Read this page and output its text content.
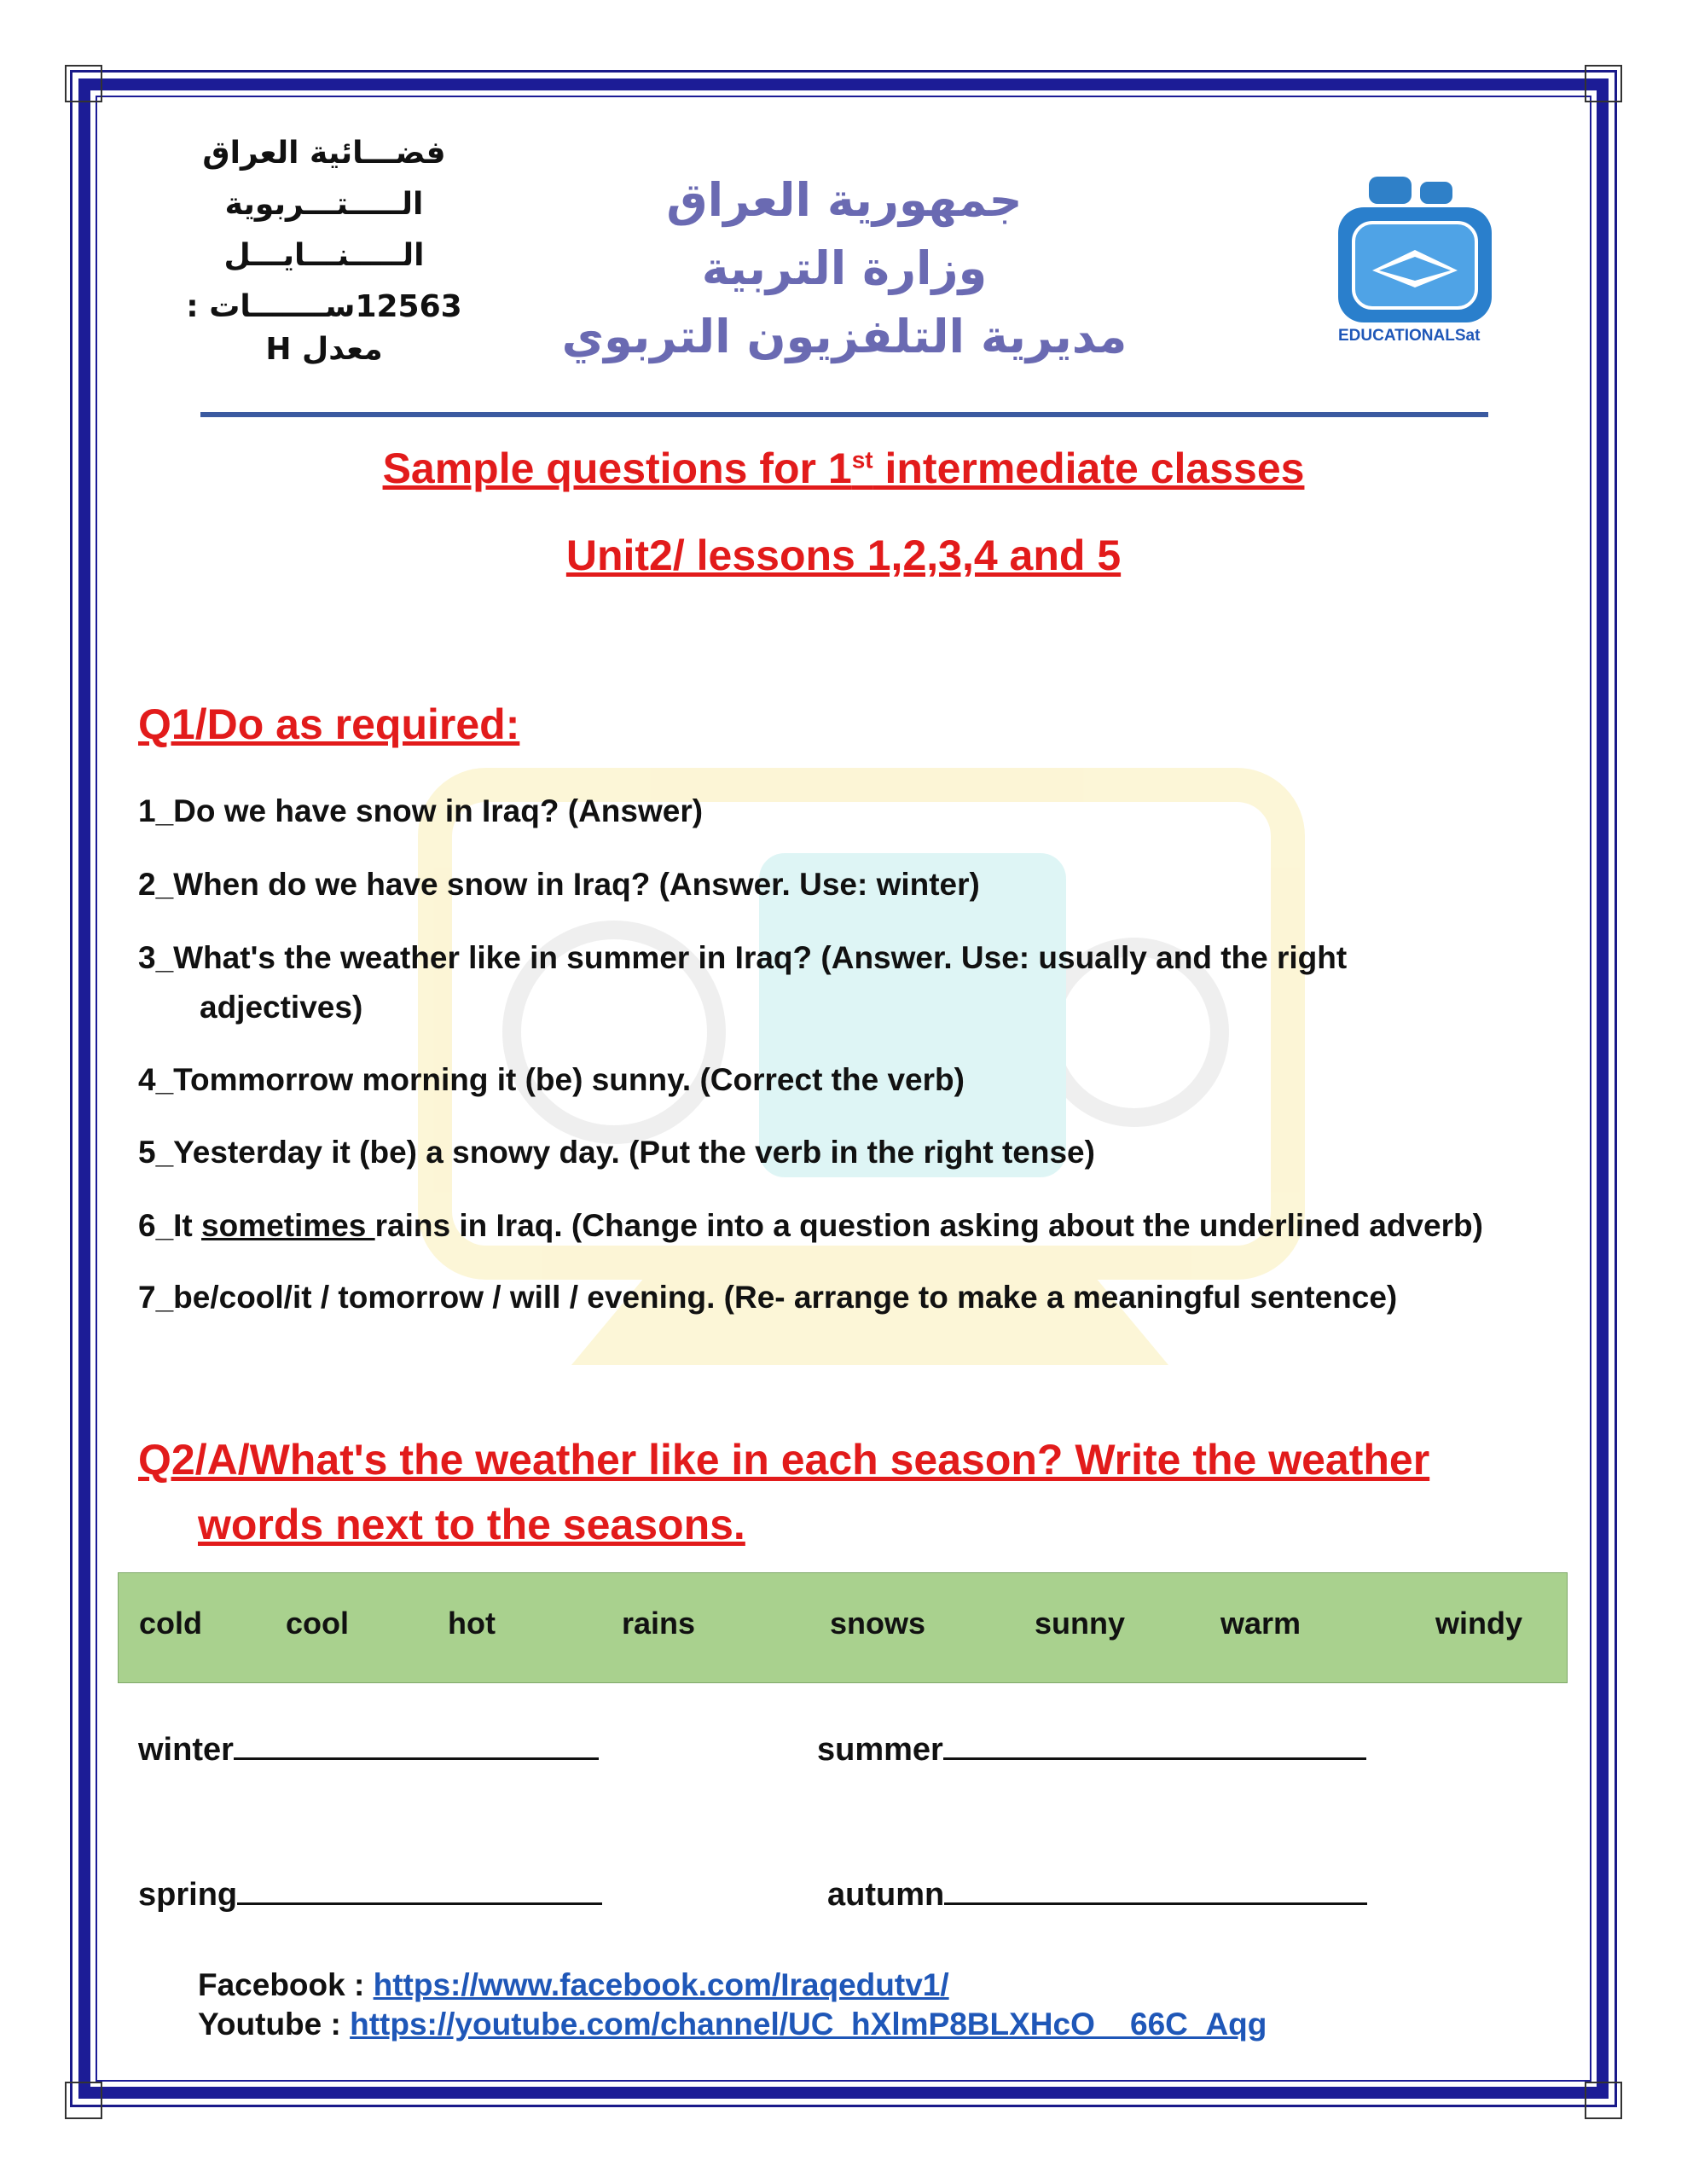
فضـــائية العراق
الـــــتـــربوية الـــــنـــايـــل
12563ســـــــات :
معدل H
جمهورية العراق
وزارة التربية
مديرية التلفزيون التربوي	EDUCATIONALSat
Sample questions for 1st intermediate classes
Unit2/ lessons 1,2,3,4 and 5
Q1/Do as required:
1_Do we have snow in Iraq? (Answer)
2_When do we have snow in Iraq? (Answer. Use: winter)
3_What's the weather like in summer in Iraq? (Answer. Use: usually and the right
adjectives)
4_Tommorrow morning it (be) sunny. (Correct the verb)
5_Yesterday it (be) a snowy day. (Put the verb in the right tense)
6_It sometimes rains in Iraq. (Change into a question asking about the underlined adverb)
7_be/cool/it / tomorrow / will / evening. (Re- arrange to make a meaningful sentence)
Q2/A/What's the weather like in each season? Write the weather
words next to the seasons.
cold	cool	hot	rains	snows	sunny	warm	windy
winter	summer
spring	autumn
Facebook : https://www.facebook.com/Iraqedutv1/
Youtube : https://youtube.com/channel/UC_hXlmP8BLXHcO__66C_Aqg
